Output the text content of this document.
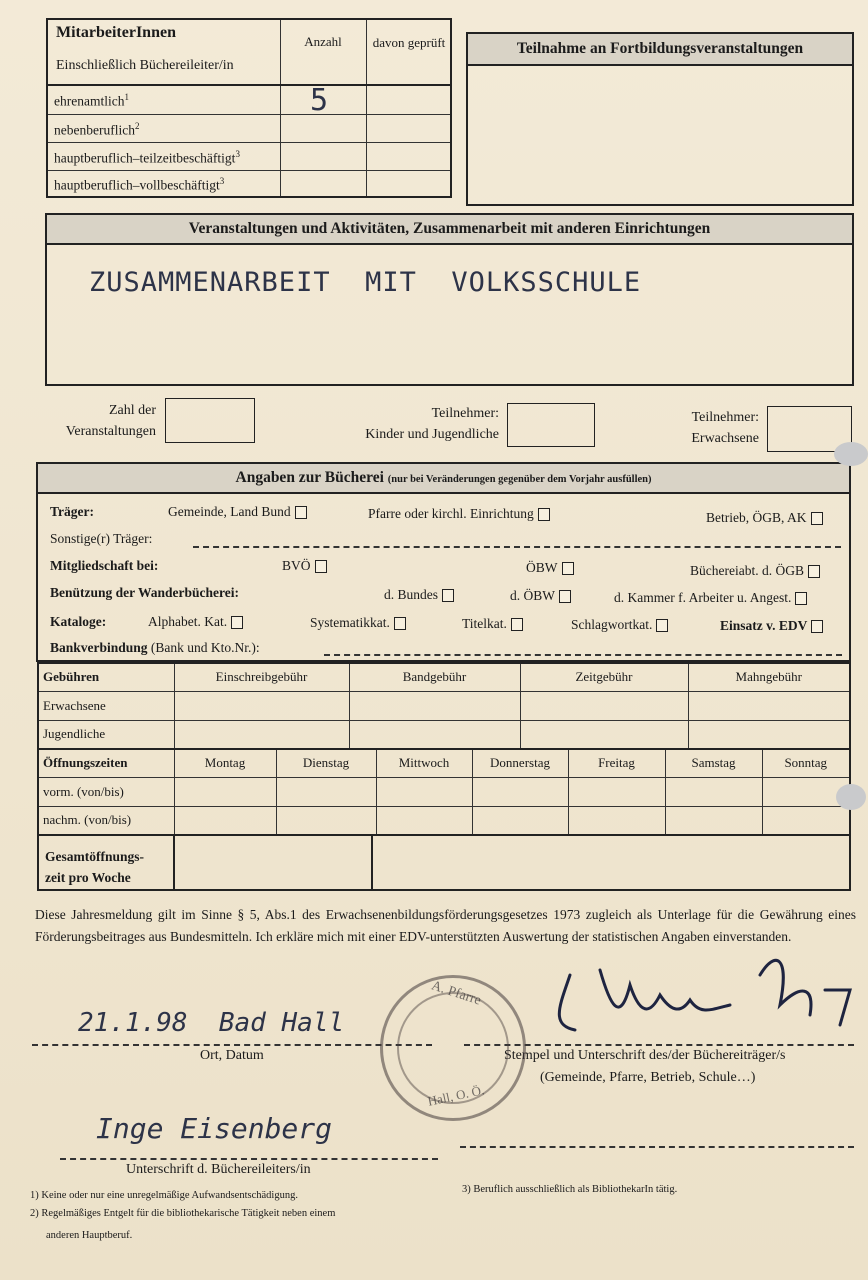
MitarbeiterInnen
Einschließlich Büchereileiter/in
Anzahl	davon geprüft
ehrenamtlich$^1$	5
nebenberuflich$^2$
hauptberuflich–teilzeitbeschäftigt$^3$
hauptberuflich–vollbeschäftigt$^3$
Teilnahme an Fortbildungsveranstaltungen
Veranstaltungen und Aktivitäten, Zusammenarbeit mit anderen Einrichtungen
ZUSAMMENARBEIT  MIT  VOLKSSCHULE
Zahl der
Veranstaltungen
Teilnehmer:
Kinder und Jugendliche
Teilnehmer:
Erwachsene
Angaben zur Bücherei (nur bei Veränderungen gegenüber dem Vorjahr ausfüllen)
Träger:	Gemeinde, Land Bund	Pfarre oder kirchl. Einrichtung	Betrieb, ÖGB, AK
Sonstige(r) Träger:
Mitgliedschaft bei:	BVÖ	ÖBW	Büchereiabt. d. ÖGB
Benützung der Wanderbücherei:	d. Bundes	d. ÖBW	d. Kammer f. Arbeiter u. Angest.
Kataloge:	Alphabet. Kat.	Systematikkat.	Titelkat.	Schlagwortkat.	Einsatz v. EDV
Bankverbindung (Bank und Kto.Nr.):
Gebühren	Einschreibgebühr	Bandgebühr	Zeitgebühr	Mahngebühr
Erwachsene				
Jugendliche				
Öffnungszeiten	Montag	Dienstag	Mittwoch	Donnerstag	Freitag	Samstag	Sonntag
vorm. (von/bis)							
nachm. (von/bis)							
Gesamtöffnungs-
zeit pro Woche
Diese Jahresmeldung gilt im Sinne § 5, Abs.1 des Erwachsenenbildungsförderungsgesetzes 1973 zugleich als Unterlage für die Gewährung eines Förderungsbeitrages aus Bundesmitteln. Ich erkläre mich mit einer EDV-unterstützten Auswertung der statistischen Angaben einverstanden.
21.1.98  Bad Hall
Ort, Datum	Stempel und Unterschrift des/der Büchereiträger/s
(Gemeinde, Pfarre, Betrieb, Schule…)
A. Pfarre
Hall, O. Ö.
Inge Eisenberg
Unterschrift d. Büchereileiters/in
1) Keine oder nur eine unregelmäßige Aufwandsentschädigung.
2) Regelmäßiges Entgelt für die bibliothekarische Tätigkeit neben einem
anderen Hauptberuf.
3) Beruflich ausschließlich als BibliothekarIn tätig.
